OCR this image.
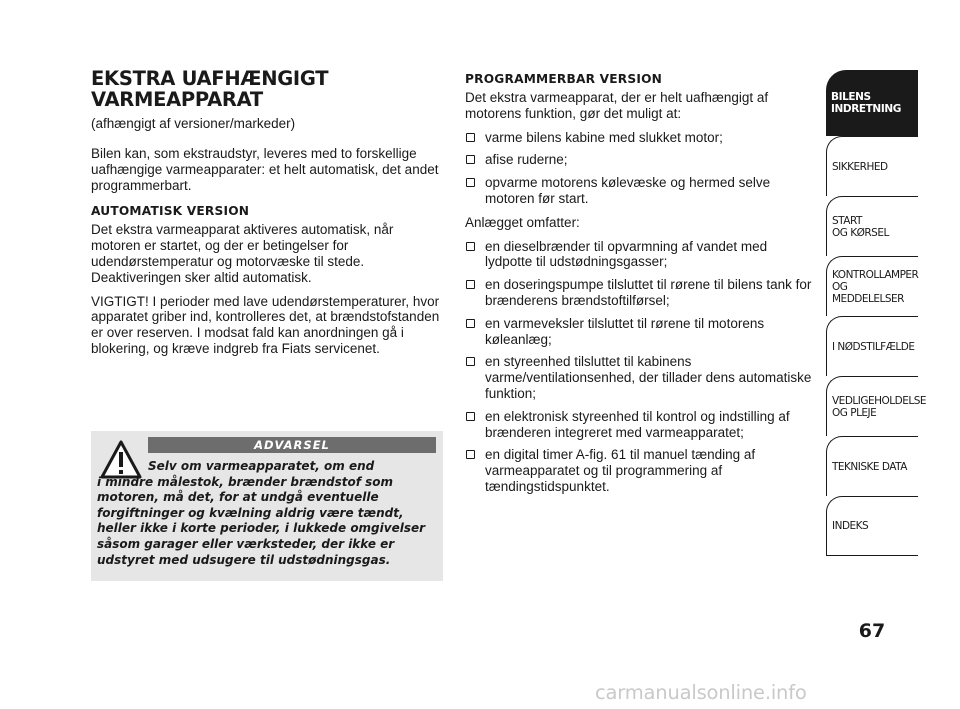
EKSTRA UAFHÆNGIGT
VARMEAPPARAT
(afhængigt af versioner/markeder)

Bilen kan, som ekstraudstyr, leveres med to forskellige uafhængige varmeapparater: et helt automatisk, det andet programmerbart.

AUTOMATISK VERSION

Det ekstra varmeapparat aktiveres automatisk, når motoren er startet, og der er betingelser for udendørstemperatur og motorvæske til stede. Deaktiveringen sker altid automatisk.

VIGTIGT! I perioder med lave udendørstemperaturer, hvor apparatet griber ind, kontrolleres det, at brændstofstanden er over reserven. I modsat fald kan anordningen gå i blokering, og kræve indgreb fra Fiats servicenet.

ADVARSEL
Selv om varmeapparatet, om end
i mindre målestok, brænder brændstof som motoren, må det, for at undgå eventuelle forgiftninger og kvælning aldrig være tændt, heller ikke i korte perioder, i lukkede omgivelser såsom garager eller værksteder, der ikke er udstyret med udsugere til udstødningsgas.
PROGRAMMERBAR VERSION

Det ekstra varmeapparat, der er helt uafhængigt af motorens funktion, gør det muligt at:

varme bilens kabine med slukket motor;
afise ruderne;
opvarme motorens kølevæske og hermed selve motoren før start.

Anlægget omfatter:

en dieselbrænder til opvarmning af vandet med lydpotte til udstødningsgasser;
en doseringspumpe tilsluttet til rørene til bilens tank for brænderens brændstoftilførsel;
en varmeveksler tilsluttet til rørene til motorens køleanlæg;
en styreenhed tilsluttet til kabinens varme/ventilationsenhed, der tillader dens automatiske funktion;
en elektronisk styreenhed til kontrol og indstilling af brænderen integreret med varmeapparatet;
en digital timer A-fig. 61 til manuel tænding af varmeapparatet og til programmering af tændingstidspunktet.
BILENS
INDRETNING
SIKKERHED
START
OG KØRSEL
KONTROLLAMPER
OG MEDDELELSER
I NØDSTILFÆLDE
VEDLIGEHOLDELSE
OG PLEJE
TEKNISKE DATA
INDEKS
67
carmanualsonline.info
